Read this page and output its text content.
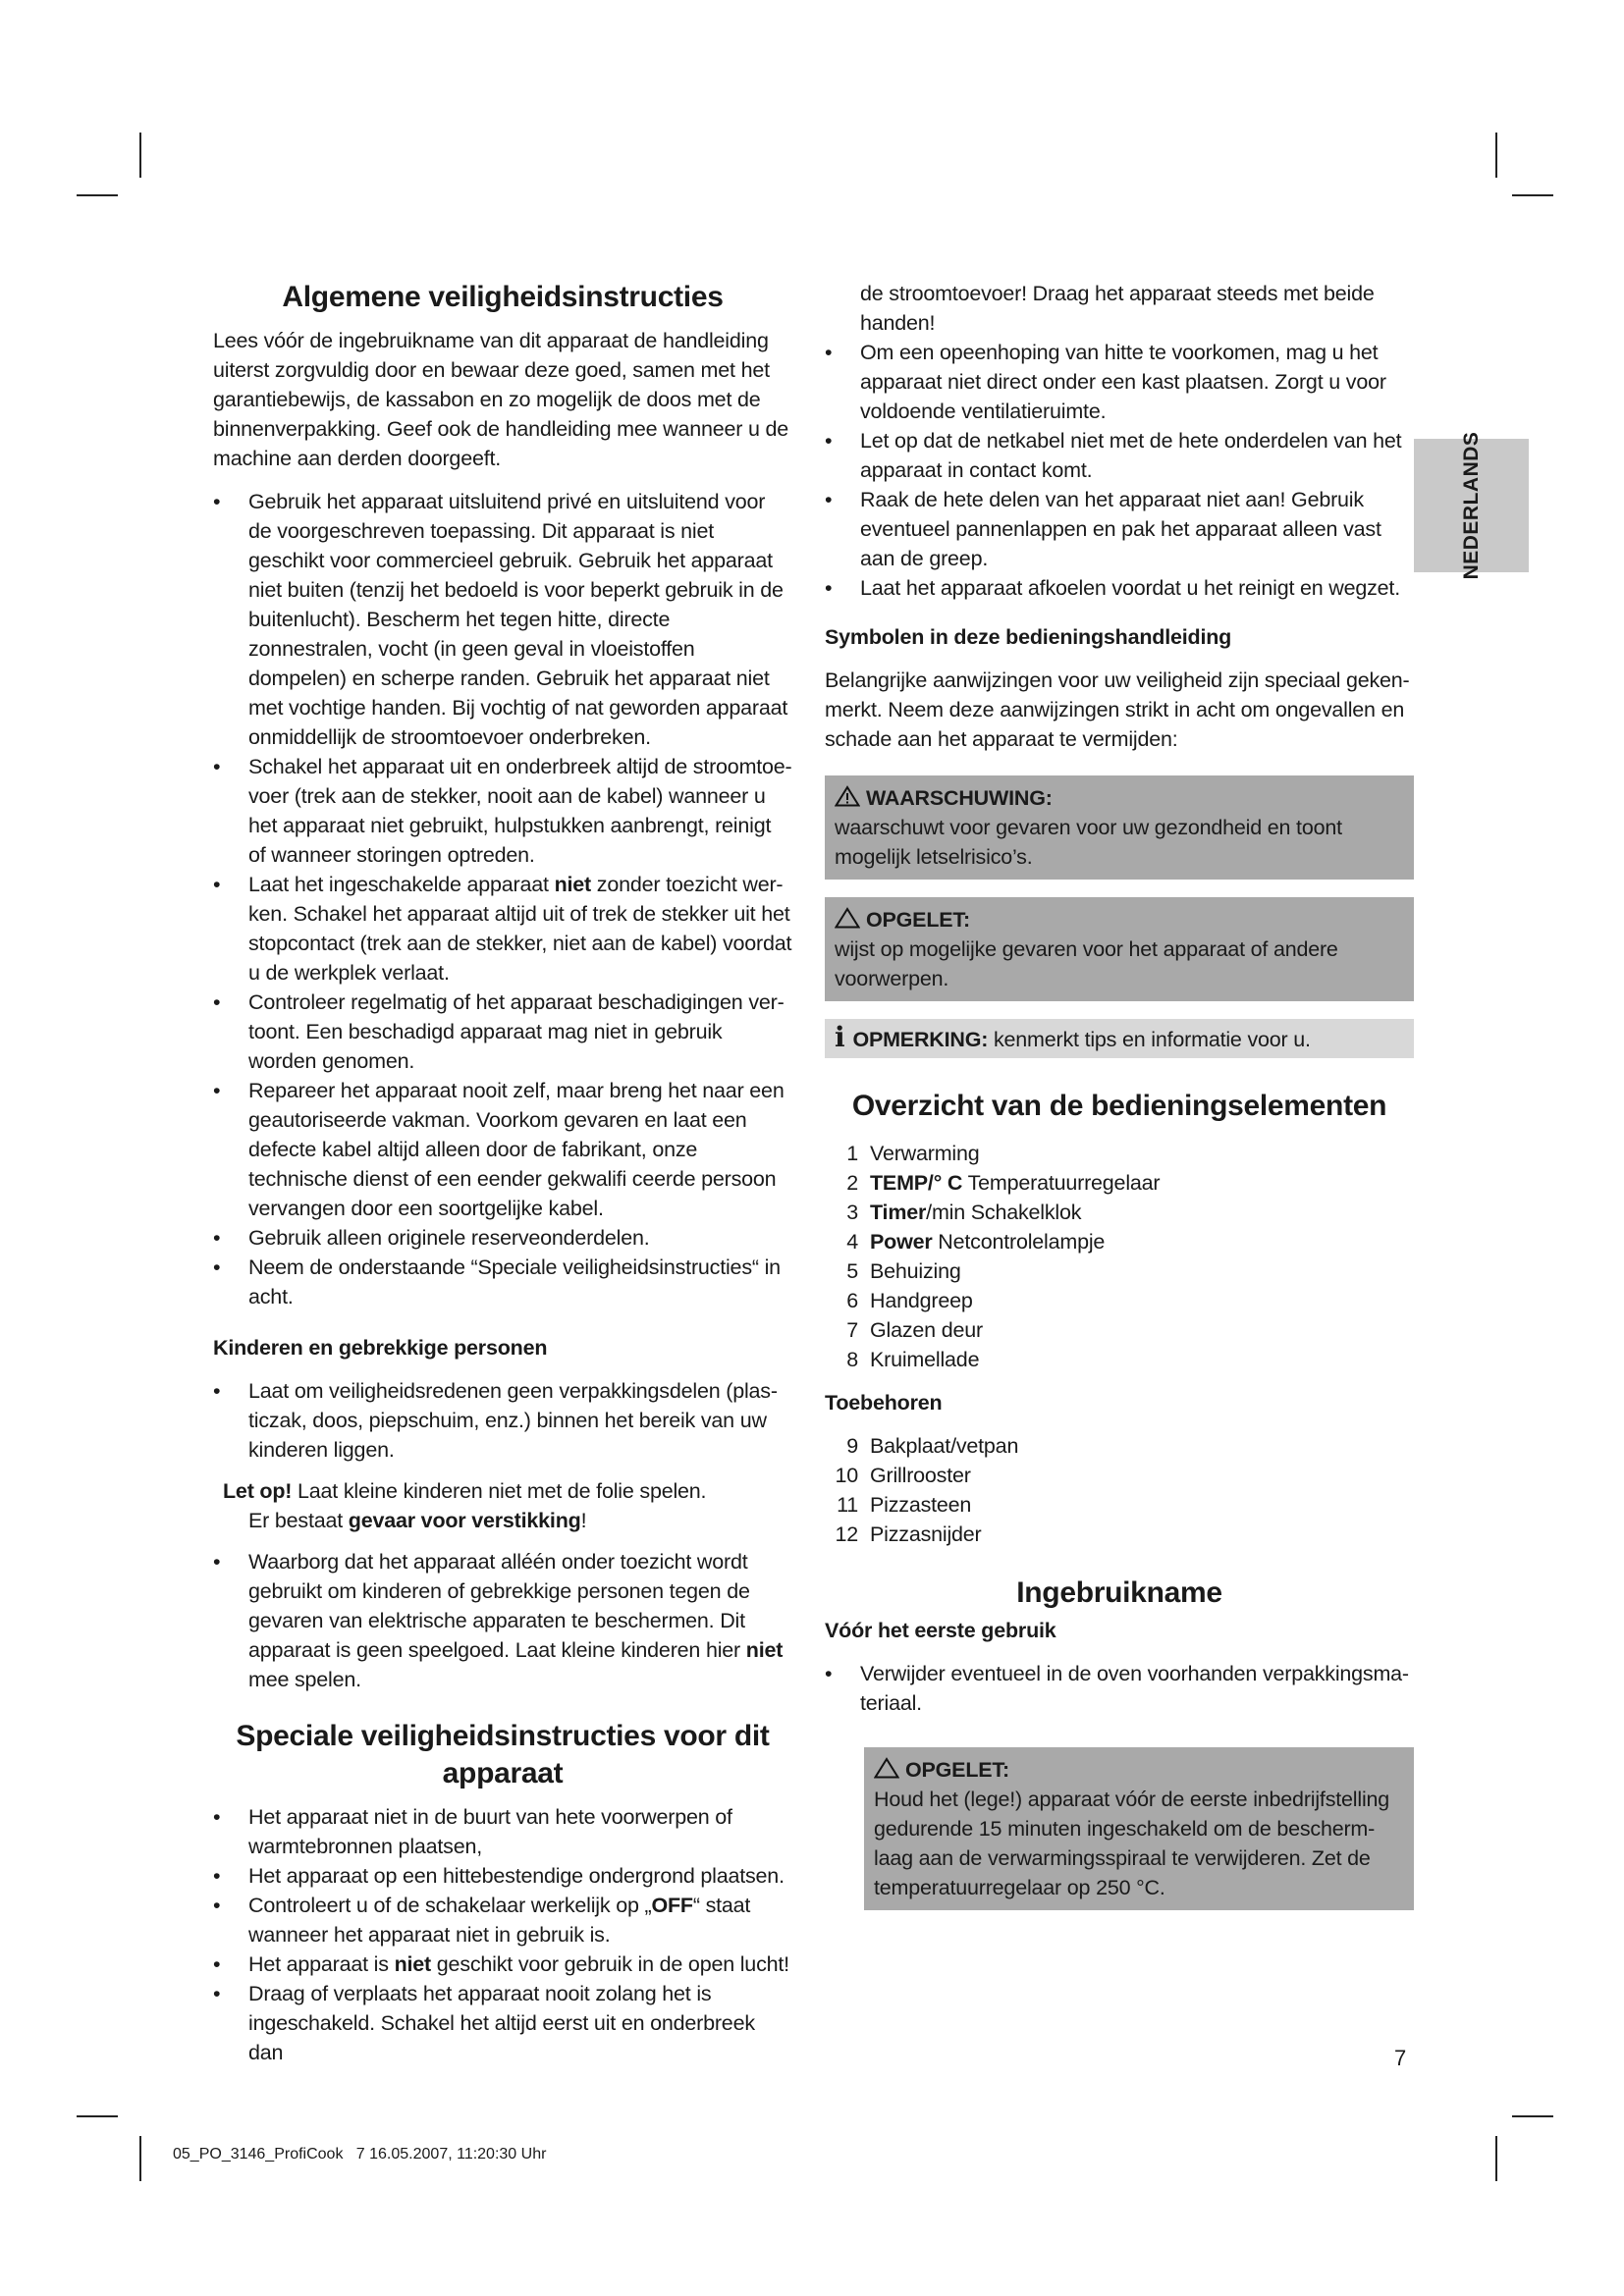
NEDERLANDS
Algemene veiligheidsinstructies

Lees vóór de ingebruikname van dit apparaat de handleiding uiterst zorgvuldig door en bewaar deze goed, samen met het garantiebewijs, de kassabon en zo mogelijk de doos met de binnenverpakking. Geef ook de handleiding mee wanneer u de machine aan derden doorgeeft.

• Gebruik het apparaat uitsluitend privé en uitsluitend voor de voorgeschreven toepassing. Dit apparaat is niet geschikt voor commercieel gebruik. Gebruik het apparaat niet buiten (tenzij het bedoeld is voor beperkt gebruik in de buitenlucht). Bescherm het tegen hitte, directe zonnestralen, vocht (in geen geval in vloeistoffen dompelen) en scherpe randen. Gebruik het apparaat niet met vochtige handen. Bij vochtig of nat geworden apparaat onmiddellijk de stroomtoevoer onderbreken.
• Schakel het apparaat uit en onderbreek altijd de stroomtoe-voer (trek aan de stekker, nooit aan de kabel) wanneer u het apparaat niet gebruikt, hulpstukken aanbrengt, reinigt of wanneer storingen optreden.
• Laat het ingeschakelde apparaat niet zonder toezicht wer-ken. Schakel het apparaat altijd uit of trek de stekker uit het stopcontact (trek aan de stekker, niet aan de kabel) voordat u de werkplek verlaat.
• Controleer regelmatig of het apparaat beschadigingen ver-toont. Een beschadigd apparaat mag niet in gebruik worden genomen.
• Repareer het apparaat nooit zelf, maar breng het naar een geautoriseerde vakman. Voorkom gevaren en laat een defecte kabel altijd alleen door de fabrikant, onze technische dienst of een eender gekwalifi ceerde persoon vervangen door een soortgelijke kabel.
• Gebruik alleen originele reserveonderdelen.
• Neem de onderstaande “Speciale veiligheidsinstructies“ in acht.
Kinderen en gebrekkige personen
• Laat om veiligheidsredenen geen verpakkingsdelen (plas-ticzak, doos, piepschuim, enz.) binnen het bereik van uw kinderen liggen.
Let op! Laat kleine kinderen niet met de folie spelen.
Er bestaat gevaar voor verstikking!
• Waarborg dat het apparaat alléén onder toezicht wordt gebruikt om kinderen of gebrekkige personen tegen de gevaren van elektrische apparaten te beschermen. Dit apparaat is geen speelgoed. Laat kleine kinderen hier niet mee spelen.
Speciale veiligheidsinstructies voor dit apparaat
• Het apparaat niet in de buurt van hete voorwerpen of warmtebronnen plaatsen,
• Het apparaat op een hittebestendige ondergrond plaatsen.
• Controleert u of de schakelaar werkelijk op „OFF“ staat wanneer het apparaat niet in gebruik is.
• Het apparaat is niet geschikt voor gebruik in de open lucht!
• Draag of verplaats het apparaat nooit zolang het is ingeschakeld. Schakel het altijd eerst uit en onderbreek dan

de stroomtoevoer! Draag het apparaat steeds met beide handen!

• Om een opeenhoping van hitte te voorkomen, mag u het apparaat niet direct onder een kast plaatsen. Zorgt u voor voldoende ventilatieruimte.
• Let op dat de netkabel niet met de hete onderdelen van het apparaat in contact komt.
• Raak de hete delen van het apparaat niet aan! Gebruik eventueel pannenlappen en pak het apparaat alleen vast aan de greep.
• Laat het apparaat afkoelen voordat u het reinigt en wegzet.
Symbolen in deze bedieningshandleiding

Belangrijke aanwijzingen voor uw veiligheid zijn speciaal geken-merkt. Neem deze aanwijzingen strikt in acht om ongevallen en schade aan het apparaat te vermijden:

WAARSCHUWING:
waarschuwt voor gevaren voor uw gezondheid en toont mogelijk letselrisico’s.
OPGELET:
wijst op mogelijke gevaren voor het apparaat of andere voorwerpen.
i OPMERKING: kenmerkt tips en informatie voor u.
Overzicht van de bedieningselementen
1 Verwarming
2 TEMP/° C Temperatuurregelaar
3 Timer/min Schakelklok
4 Power Netcontrolelampje
5 Behuizing
6 Handgreep
7 Glazen deur
8 Kruimellade
Toebehoren
9 Bakplaat/vetpan
10 Grillrooster
11 Pizzasteen
12 Pizzasnijder
Ingebruikname
Vóór het eerste gebruik
• Verwijder eventueel in de oven voorhanden verpakkingsma-teriaal.
OPGELET:
Houd het (lege!) apparaat vóór de eerste inbedrijfstelling gedurende 15 minuten ingeschakeld om de bescherm-laag aan de verwarmingsspiraal te verwijderen. Zet de temperatuurregelaar op 250 °C.
7
05_PO_3146_ProfiCook   7 16.05.2007, 11:20:30 Uhr
